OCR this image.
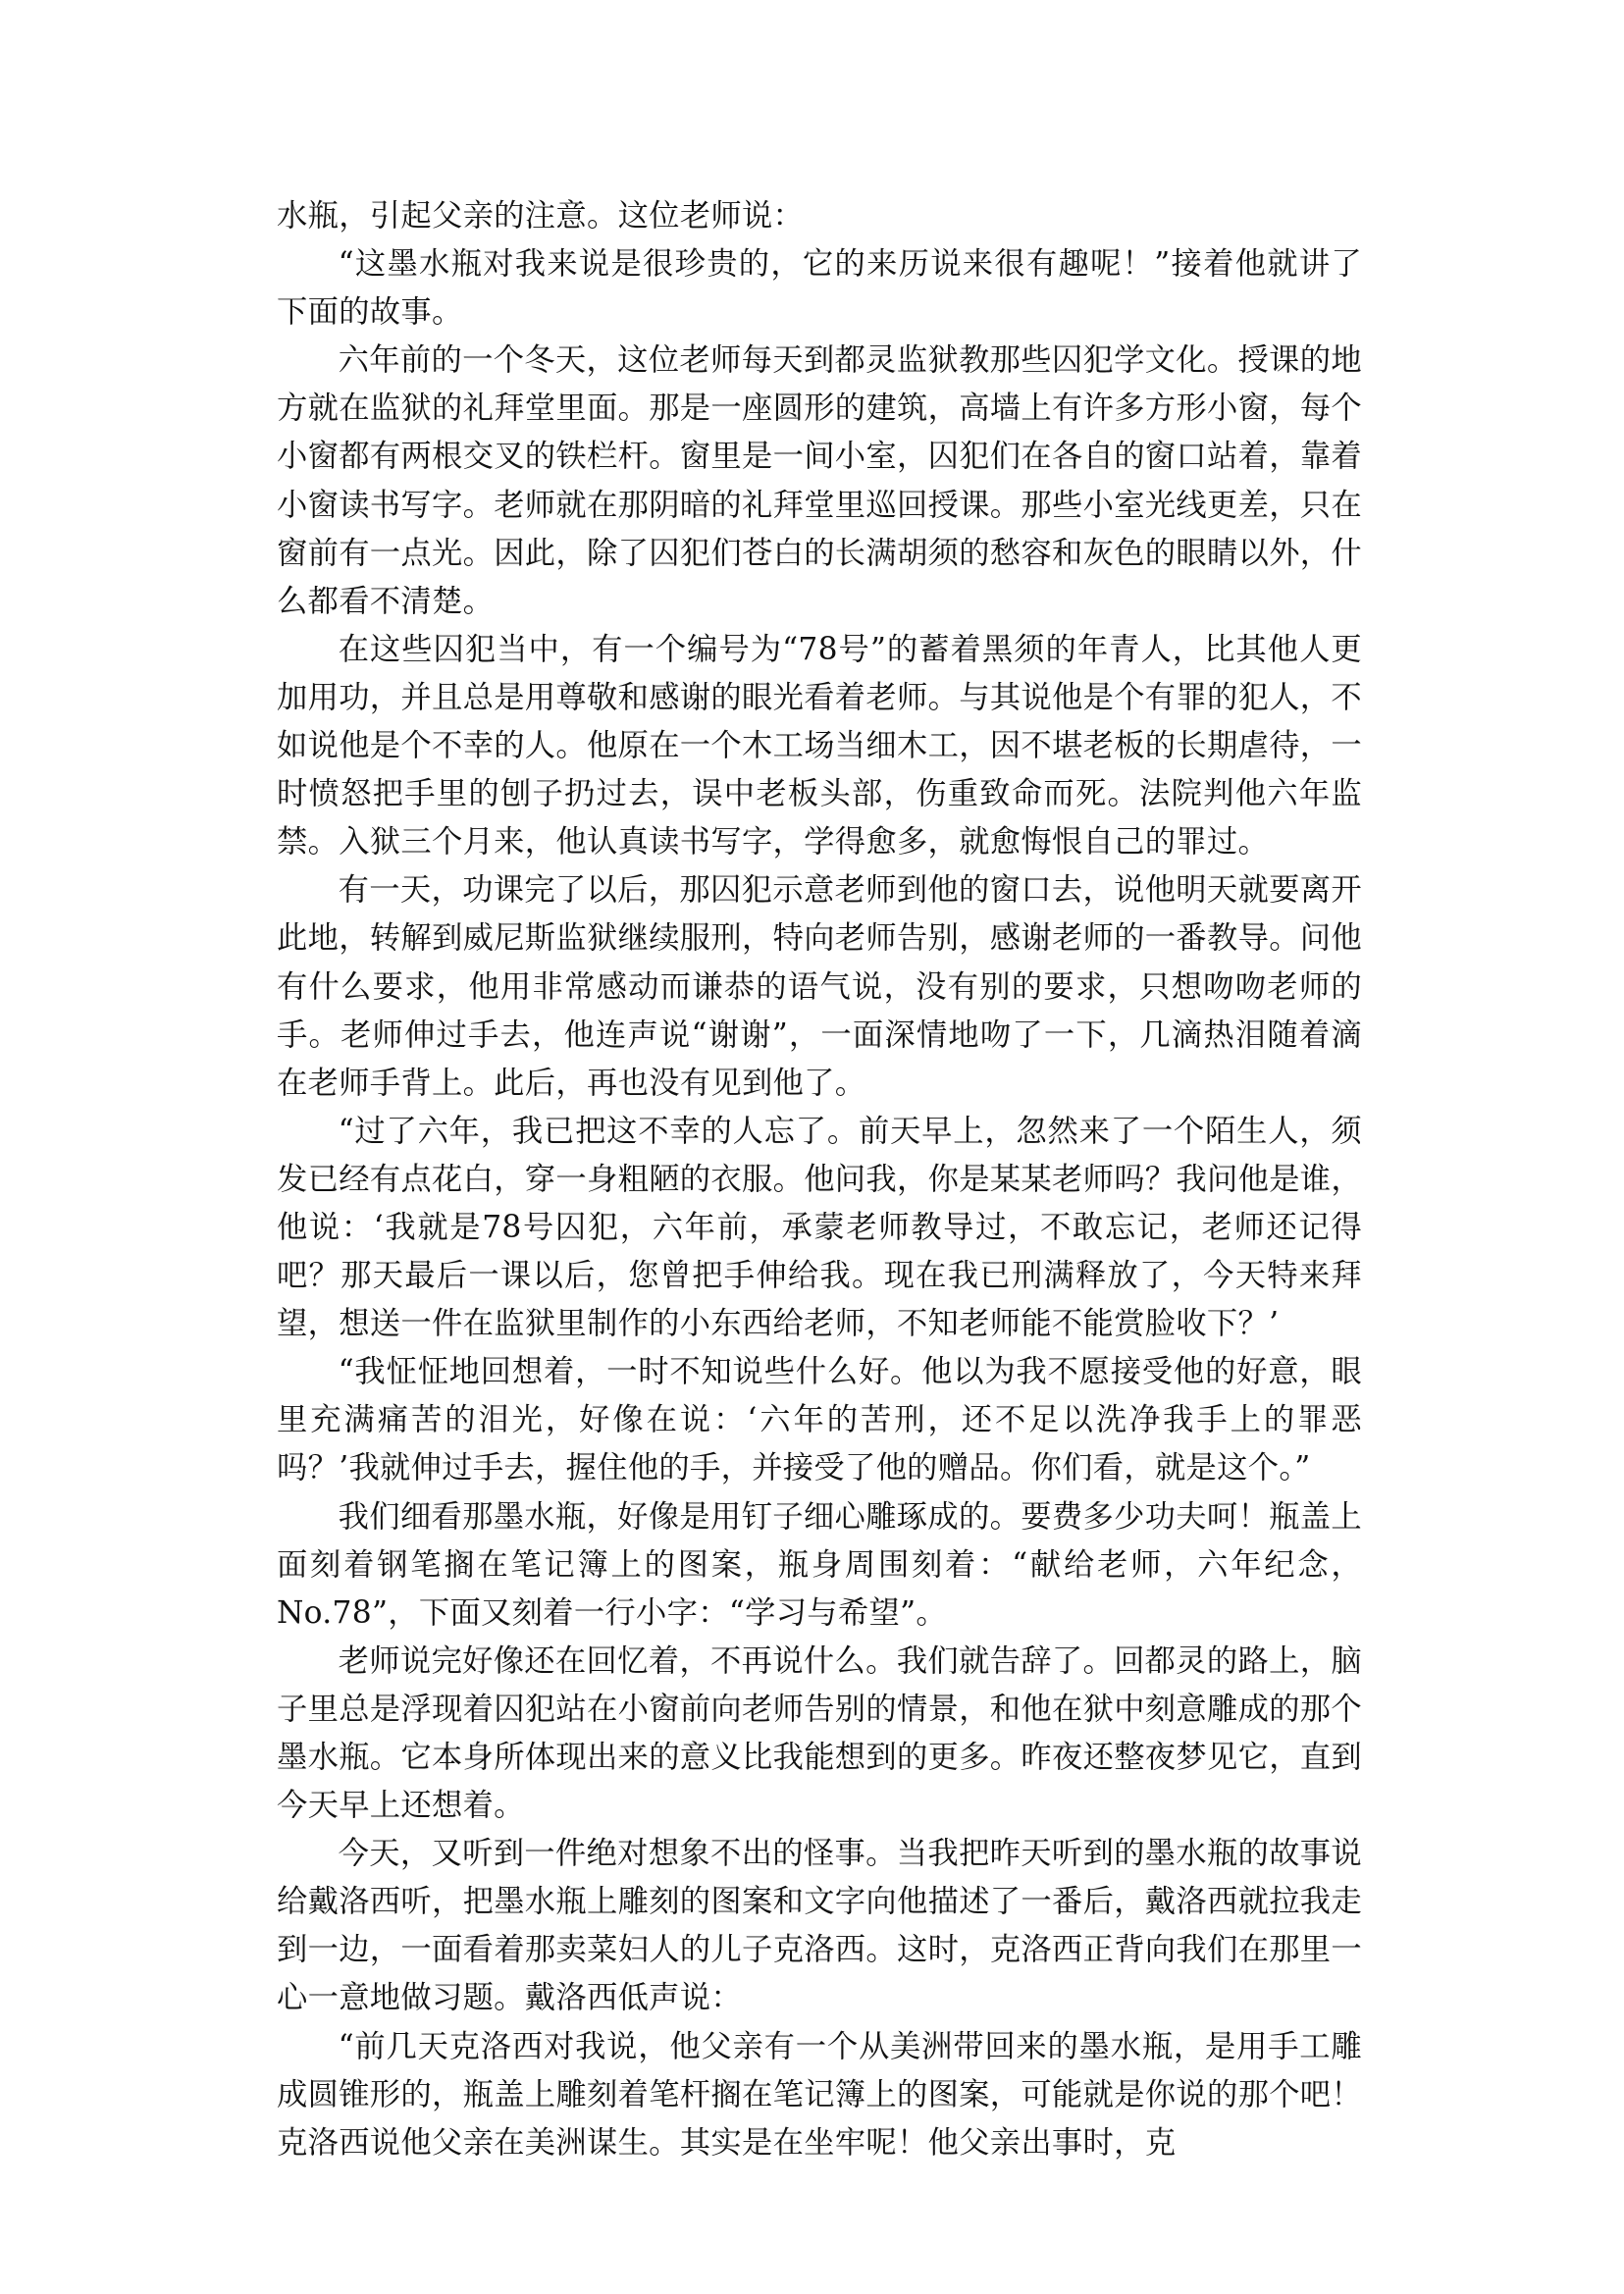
水瓶，引起父亲的注意。这位老师说：

“这墨水瓶对我来说是很珍贵的，它的来历说来很有趣呢！”接着他就讲了下面的故事。

六年前的一个冬天，这位老师每天到都灵监狱教那些囚犯学文化。授课的地方就在监狱的礼拜堂里面。那是一座圆形的建筑，高墙上有许多方形小窗，每个小窗都有两根交叉的铁栏杆。窗里是一间小室，囚犯们在各自的窗口站着，靠着小窗读书写字。老师就在那阴暗的礼拜堂里巡回授课。那些小室光线更差，只在窗前有一点光。因此，除了囚犯们苍白的长满胡须的愁容和灰色的眼睛以外，什么都看不清楚。

在这些囚犯当中，有一个编号为“78号”的蓄着黑须的年青人，比其他人更加用功，并且总是用尊敬和感谢的眼光看着老师。与其说他是个有罪的犯人，不如说他是个不幸的人。他原在一个木工场当细木工，因不堪老板的长期虐待，一时愤怒把手里的刨子扔过去，误中老板头部，伤重致命而死。法院判他六年监禁。入狱三个月来，他认真读书写字，学得愈多，就愈悔恨自己的罪过。

有一天，功课完了以后，那囚犯示意老师到他的窗口去，说他明天就要离开此地，转解到威尼斯监狱继续服刑，特向老师告别，感谢老师的一番教导。问他有什么要求，他用非常感动而谦恭的语气说，没有别的要求，只想吻吻老师的手。老师伸过手去，他连声说“谢谢”，一面深情地吻了一下，几滴热泪随着滴在老师手背上。此后，再也没有见到他了。

“过了六年，我已把这不幸的人忘了。前天早上，忽然来了一个陌生人，须发已经有点花白，穿一身粗陋的衣服。他问我，你是某某老师吗？我问他是谁，他说：‘我就是78号囚犯，六年前，承蒙老师教导过，不敢忘记，老师还记得吧？那天最后一课以后，您曾把手伸给我。现在我已刑满释放了，今天特来拜望，想送一件在监狱里制作的小东西给老师，不知老师能不能赏脸收下？’

“我怔怔地回想着，一时不知说些什么好。他以为我不愿接受他的好意，眼里充满痛苦的泪光，好像在说：‘六年的苦刑，还不足以洗净我手上的罪恶吗？’我就伸过手去，握住他的手，并接受了他的赠品。你们看，就是这个。”

我们细看那墨水瓶，好像是用钉子细心雕琢成的。要费多少功夫呵！瓶盖上面刻着钢笔搁在笔记簿上的图案，瓶身周围刻着：“献给老师，六年纪念，No.78”，下面又刻着一行小字：“学习与希望”。

老师说完好像还在回忆着，不再说什么。我们就告辞了。回都灵的路上，脑子里总是浮现着囚犯站在小窗前向老师告别的情景，和他在狱中刻意雕成的那个墨水瓶。它本身所体现出来的意义比我能想到的更多。昨夜还整夜梦见它，直到今天早上还想着。

今天，又听到一件绝对想象不出的怪事。当我把昨天听到的墨水瓶的故事说给戴洛西听，把墨水瓶上雕刻的图案和文字向他描述了一番后，戴洛西就拉我走到一边，一面看着那卖菜妇人的儿子克洛西。这时，克洛西正背向我们在那里一心一意地做习题。戴洛西低声说：

“前几天克洛西对我说，他父亲有一个从美洲带回来的墨水瓶，是用手工雕成圆锥形的，瓶盖上雕刻着笔杆搁在笔记簿上的图案，可能就是你说的那个吧！克洛西说他父亲在美洲谋生。其实是在坐牢呢！他父亲出事时，克
